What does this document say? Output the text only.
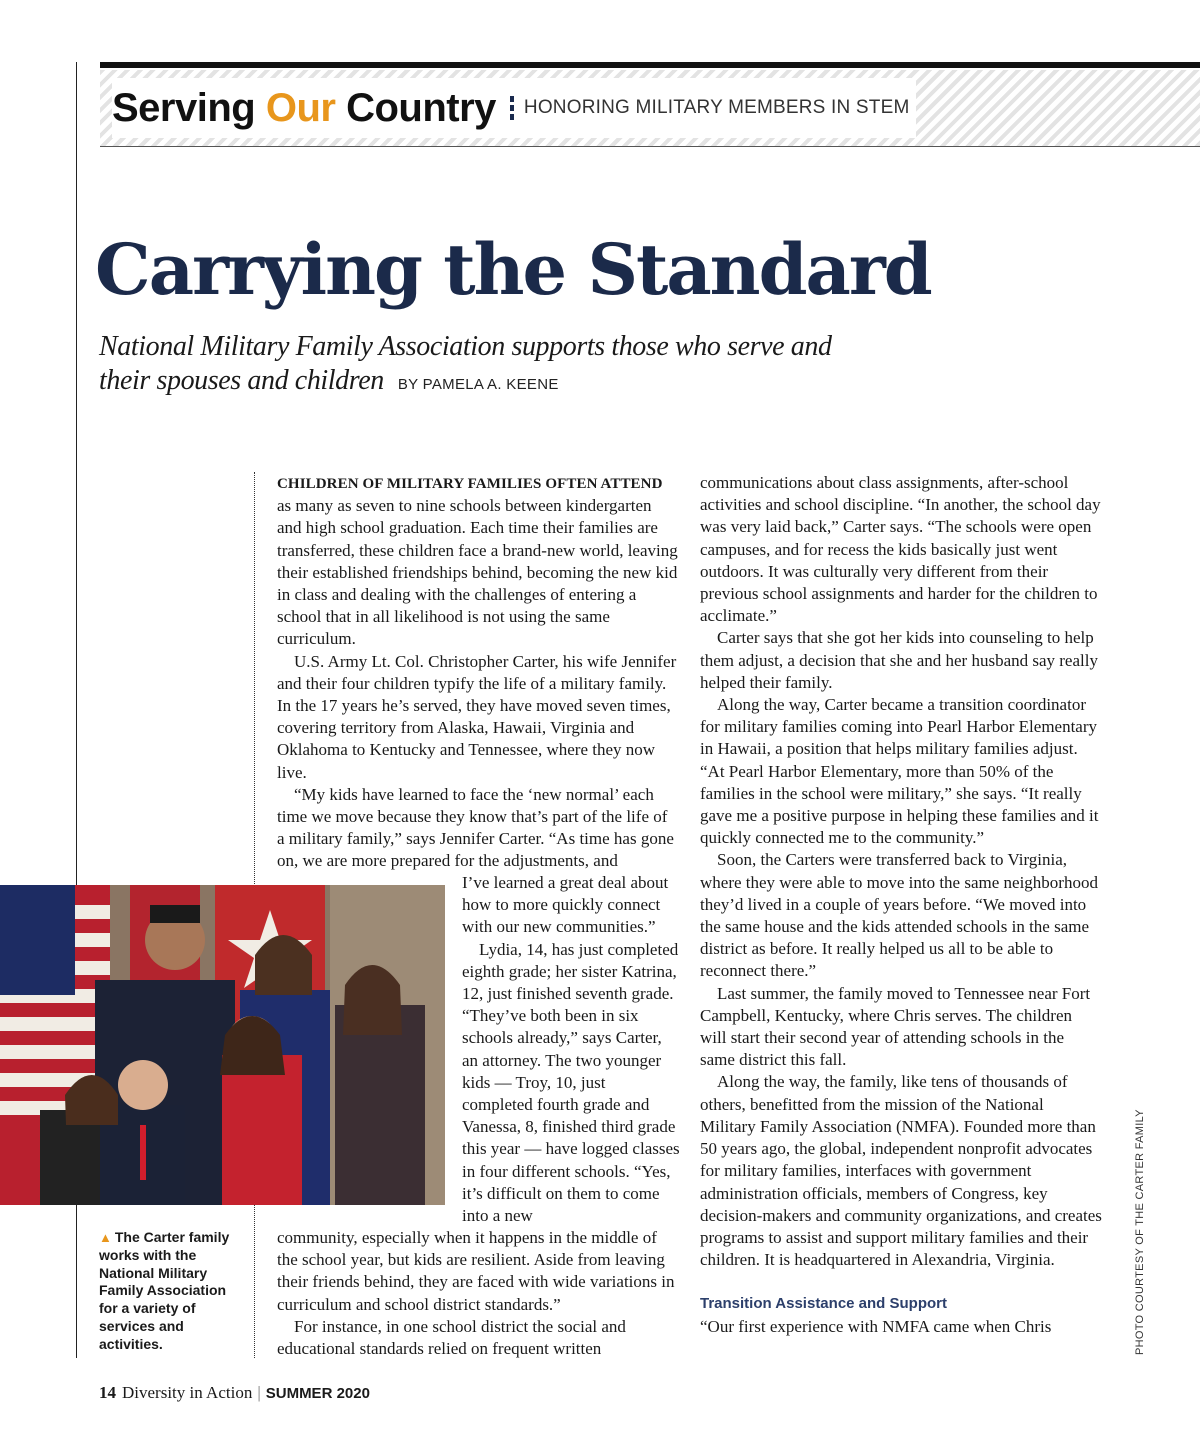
Serving Our Country HONORING MILITARY MEMBERS IN STEM
Carrying the Standard
National Military Family Association supports those who serve and their spouses and children BY PAMELA A. KEENE

CHILDREN OF MILITARY FAMILIES OFTEN ATTEND
as many as seven to nine schools between kindergarten and high school graduation. Each time their families are transferred, these children face a brand-new world, leaving their established friendships behind, becoming the new kid in class and dealing with the challenges of entering a school that in all likelihood is not using the same curriculum.

U.S. Army Lt. Col. Christopher Carter, his wife Jennifer and their four children typify the life of a military family. In the 17 years he’s served, they have moved seven times, covering territory from Alaska, Hawaii, Virginia and Oklahoma to Kentucky and Tennessee, where they now live.

“My kids have learned to face the ‘new normal’ each time we move because they know that’s part of the life of a military family,” says Jennifer Carter. “As time has gone on, we are more prepared for the adjustments, and

I’ve learned a great deal about how to more quickly connect with our new communities.”

Lydia, 14, has just completed eighth grade; her sister Katrina, 12, just finished seventh grade. “They’ve both been in six schools already,” says Carter, an attorney. The two younger kids — Troy, 10, just completed fourth grade and Vanessa, 8, finished third grade this year — have logged classes in four different schools. “Yes, it’s difficult on them to come into a new

community, especially when it happens in the middle of the school year, but kids are resilient. Aside from leaving their friends behind, they are faced with wide variations in curriculum and school district standards.”

For instance, in one school district the social and educational standards relied on frequent written

communications about class assignments, after-school activities and school discipline. “In another, the school day was very laid back,” Carter says. “The schools were open campuses, and for recess the kids basically just went outdoors. It was culturally very different from their previous school assignments and harder for the children to acclimate.”

Carter says that she got her kids into counseling to help them adjust, a decision that she and her husband say really helped their family.

Along the way, Carter became a transition coordinator for military families coming into Pearl Harbor Elementary in Hawaii, a position that helps military families adjust. “At Pearl Harbor Elementary, more than 50% of the families in the school were military,” she says. “It really gave me a positive purpose in helping these families and it quickly connected me to the community.”

Soon, the Carters were transferred back to Virginia, where they were able to move into the same neighborhood they’d lived in a couple of years before. “We moved into the same house and the kids attended schools in the same district as before. It really helped us all to be able to reconnect there.”

Last summer, the family moved to Tennessee near Fort Campbell, Kentucky, where Chris serves. The children will start their second year of attending schools in the same district this fall.

Along the way, the family, like tens of thousands of others, benefitted from the mission of the National Military Family Association (NMFA). Founded more than 50 years ago, the global, independent nonprofit advocates for military families, interfaces with government administration officials, members of Congress, key decision-makers and community organizations, and creates programs to assist and support military families and their children. It is headquartered in Alexandria, Virginia.

Transition Assistance and Support

“Our first experience with NMFA came when Chris

▲ The Carter family works with the National Military Family Association for a variety of services and activities.	PHOTO COURTESY OF THE CARTER FAMILY
14 Diversity in Action | SUMMER 2020
